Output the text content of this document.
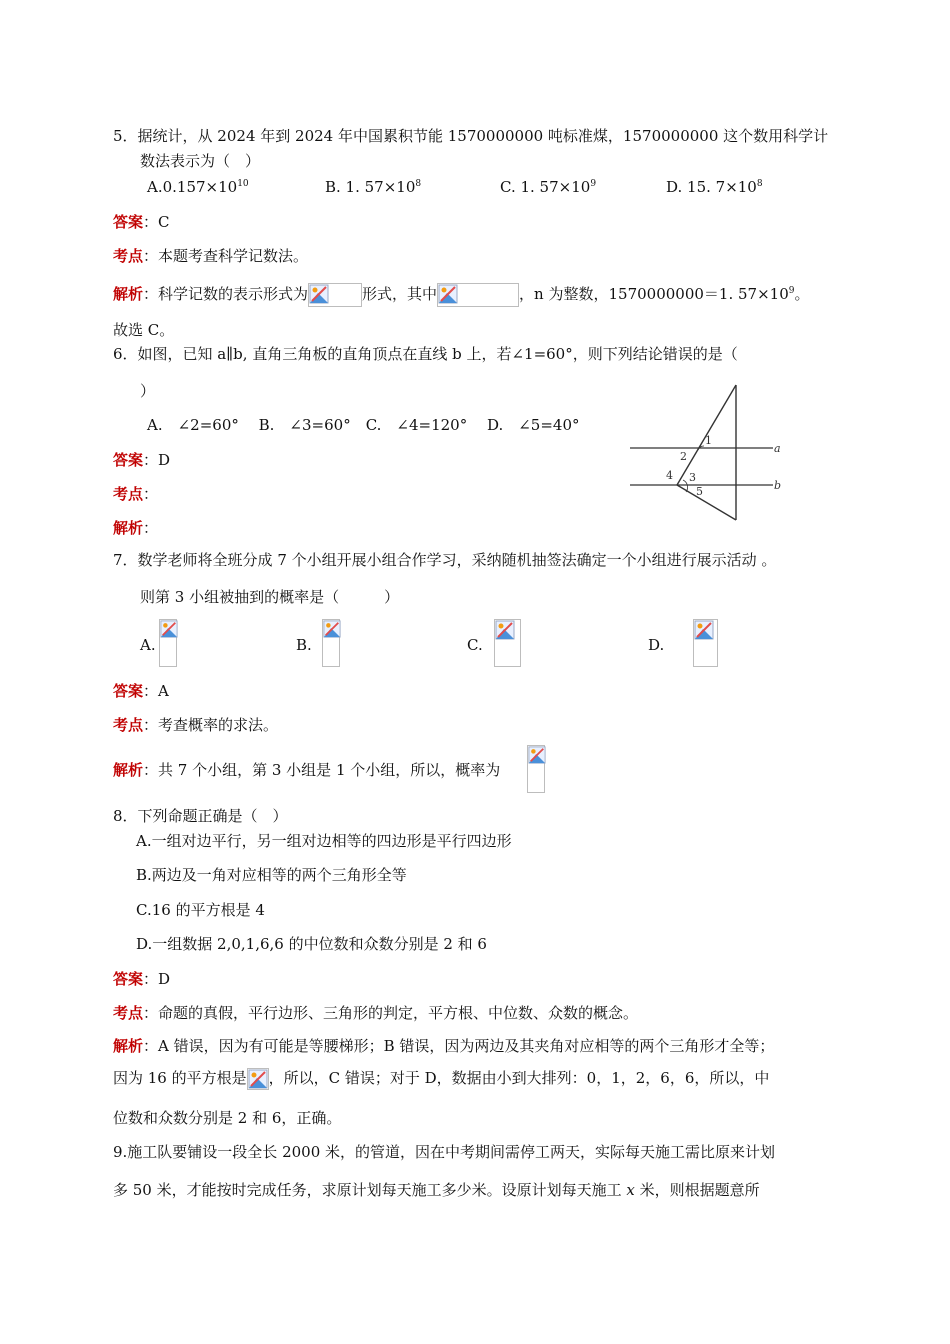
5．据统计，从 2024 年到 2024 年中国累积节能 1570000000 吨标准煤，1570000000 这个数用科学计
数法表示为（　）
$A.0.157\times 10^{10}$	B. 1. $57\times 10^8$	C. 1. $57\times 10^9$	D. 15. $7\times 10^8$
答案：C
考点：本题考查科学记数法。
解析：科学记数的表示形式为	形式，其中	，n 为整数，1570000000＝1. $57\times 10^9$。
故选 C。
6．如图，已知 a∥b, 直角三角板的直角顶点在直线 b 上，若∠1=60°，则下列结论错误的是（
）
A.　∠2=60°　 B.　∠3=60°　C.　∠4=120°　 D.　∠5=40°
答案：D
考点：
解析：
a
b
1
2
3
4
5
7．数学老师将全班分成 7 个小组开展小组合作学习，采纳随机抽签法确定一个小组进行展示活动 。
则第 3 小组被抽到的概率是（　　　）
A.	B.	C.	D.
答案：A
考点：考查概率的求法。
解析：共 7 个小组，第 3 小组是 1 个小组，所以，概率为
8．下列命题正确是（　）
A.一组对边平行，另一组对边相等的四边形是平行四边形
B.两边及一角对应相等的两个三角形全等
C.16 的平方根是 4
D.一组数据 2,0,1,6,6 的中位数和众数分别是 2 和 6
答案：D
考点：命题的真假，平行边形、三角形的判定，平方根、中位数、众数的概念。
解析：A 错误，因为有可能是等腰梯形；B 错误，因为两边及其夹角对应相等的两个三角形才全等；
因为 16 的平方根是 ，所以，C 错误；对于 D，数据由小到大排列：0，1，2，6，6，所以，中
位数和众数分别是 2 和 6，正确。
9.施工队要铺设一段全长 2000 米，的管道，因在中考期间需停工两天，实际每天施工需比原来计划
多 50 米，才能按时完成任务，求原计划每天施工多少米。设原计划每天施工 x 米，则根据题意所
